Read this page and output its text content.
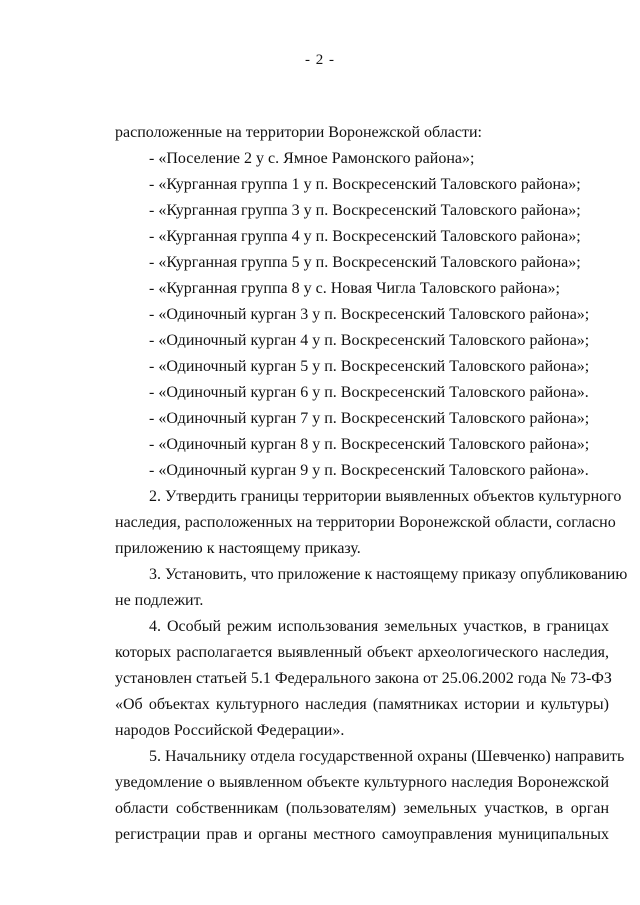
- 2 -
расположенные на территории Воронежской области:
- «Поселение 2 у с. Ямное Рамонского района»;
- «Курганная группа 1 у п. Воскресенский Таловского района»;
- «Курганная группа 3 у п. Воскресенский Таловского района»;
- «Курганная группа 4 у п. Воскресенский Таловского района»;
- «Курганная группа 5 у п. Воскресенский Таловского района»;
- «Курганная группа 8 у с. Новая Чигла Таловского района»;
- «Одиночный курган 3 у п. Воскресенский Таловского района»;
- «Одиночный курган 4 у п. Воскресенский Таловского района»;
- «Одиночный курган 5 у п. Воскресенский Таловского района»;
- «Одиночный курган 6 у п. Воскресенский Таловского района».
- «Одиночный курган 7 у п. Воскресенский Таловского района»;
- «Одиночный курган 8 у п. Воскресенский Таловского района»;
- «Одиночный курган 9 у п. Воскресенский Таловского района».
2. Утвердить границы территории выявленных объектов культурного
наследия, расположенных на территории Воронежской области, согласно
приложению к настоящему приказу.
3. Установить, что приложение к настоящему приказу опубликованию
не подлежит.
4. Особый режим использования земельных участков, в границах
которых располагается выявленный объект археологического наследия,
установлен статьей 5.1 Федерального закона от 25.06.2002 года № 73-ФЗ
«Об объектах культурного наследия (памятниках истории и культуры)
народов Российской Федерации».
5. Начальнику отдела государственной охраны (Шевченко) направить
уведомление о выявленном объекте культурного наследия Воронежской
области собственникам (пользователям) земельных участков, в орган
регистрации прав и органы местного самоуправления муниципальных
